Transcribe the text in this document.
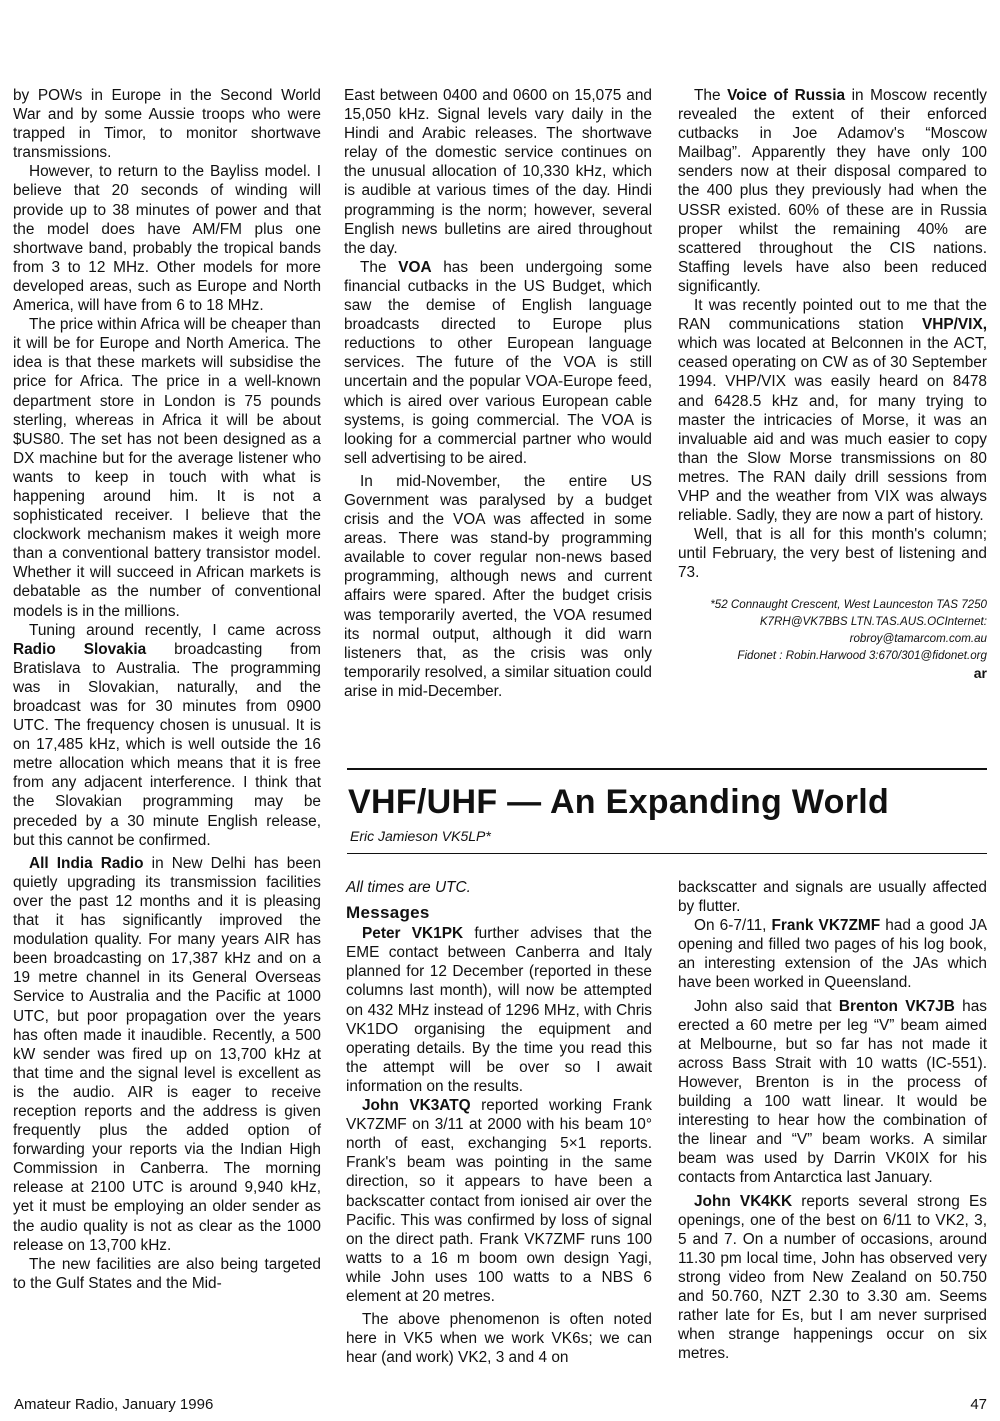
by POWs in Europe in the Second World War and by some Aussie troops who were trapped in Timor, to monitor shortwave transmissions.

However, to return to the Bayliss model. I believe that 20 seconds of winding will provide up to 38 minutes of power and that the model does have AM/FM plus one shortwave band, probably the tropical bands from 3 to 12 MHz. Other models for more developed areas, such as Europe and North America, will have from 6 to 18 MHz.

The price within Africa will be cheaper than it will be for Europe and North America. The idea is that these markets will subsidise the price for Africa. The price in a well-known department store in London is 75 pounds sterling, whereas in Africa it will be about $US80. The set has not been designed as a DX machine but for the average listener who wants to keep in touch with what is happening around him. It is not a sophisticated receiver. I believe that the clockwork mechanism makes it weigh more than a conventional battery transistor model. Whether it will succeed in African markets is debatable as the number of conventional models is in the millions.

Tuning around recently, I came across Radio Slovakia broadcasting from Bratislava to Australia. The programming was in Slovakian, naturally, and the broadcast was for 30 minutes from 0900 UTC. The frequency chosen is unusual. It is on 17,485 kHz, which is well outside the 16 metre allocation which means that it is free from any adjacent interference. I think that the Slovakian programming may be preceded by a 30 minute English release, but this cannot be confirmed.

All India Radio in New Delhi has been quietly upgrading its transmission facilities over the past 12 months and it is pleasing that it has significantly improved the modulation quality. For many years AIR has been broadcasting on 17,387 kHz and on a 19 metre channel in its General Overseas Service to Australia and the Pacific at 1000 UTC, but poor propagation over the years has often made it inaudible. Recently, a 500 kW sender was fired up on 13,700 kHz at that time and the signal level is excellent as is the audio. AIR is eager to receive reception reports and the address is given frequently plus the added option of forwarding your reports via the Indian High Commission in Canberra. The morning release at 2100 UTC is around 9,940 kHz, yet it must be employing an older sender as the audio quality is not as clear as the 1000 release on 13,700 kHz.

The new facilities are also being targeted to the Gulf States and the Mid-

East between 0400 and 0600 on 15,075 and 15,050 kHz. Signal levels vary daily in the Hindi and Arabic releases. The shortwave relay of the domestic service continues on the unusual allocation of 10,330 kHz, which is audible at various times of the day. Hindi programming is the norm; however, several English news bulletins are aired throughout the day.

The VOA has been undergoing some financial cutbacks in the US Budget, which saw the demise of English language broadcasts directed to Europe plus reductions to other European language services. The future of the VOA is still uncertain and the popular VOA-Europe feed, which is aired over various European cable systems, is going commercial. The VOA is looking for a commercial partner who would sell advertising to be aired.

In mid-November, the entire US Government was paralysed by a budget crisis and the VOA was affected in some areas. There was stand-by programming available to cover regular non-news based programming, although news and current affairs were spared. After the budget crisis was temporarily averted, the VOA resumed its normal output, although it did warn listeners that, as the crisis was only temporarily resolved, a similar situation could arise in mid-December.

The Voice of Russia in Moscow recently revealed the extent of their enforced cutbacks in Joe Adamov's “Moscow Mailbag”. Apparently they have only 100 senders now at their disposal compared to the 400 plus they previously had when the USSR existed. 60% of these are in Russia proper whilst the remaining 40% are scattered throughout the CIS nations. Staffing levels have also been reduced significantly.

It was recently pointed out to me that the RAN communications station VHP/VIX, which was located at Belconnen in the ACT, ceased operating on CW as of 30 September 1994. VHP/VIX was easily heard on 8478 and 6428.5 kHz and, for many trying to master the intricacies of Morse, it was an invaluable aid and was much easier to copy than the Slow Morse transmissions on 80 metres. The RAN daily drill sessions from VHP and the weather from VIX was always reliable. Sadly, they are now a part of history.

Well, that is all for this month's column; until February, the very best of listening and 73.

*52 Connaught Crescent, West Launceston TAS 7250
K7RH@VK7BBS LTN.TAS.AUS.OCInternet:
robroy@tamarcom.com.au
Fidonet : Robin.Harwood 3:670/301@fidonet.org
ar
VHF/UHF — An Expanding World
Eric Jamieson VK5LP*

All times are UTC.

Messages

Peter VK1PK further advises that the EME contact between Canberra and Italy planned for 12 December (reported in these columns last month), will now be attempted on 432 MHz instead of 1296 MHz, with Chris VK1DO organising the equipment and operating details. By the time you read this the attempt will be over so I await information on the results.

John VK3ATQ reported working Frank VK7ZMF on 3/11 at 2000 with his beam 10° north of east, exchanging 5×1 reports. Frank's beam was pointing in the same direction, so it appears to have been a backscatter contact from ionised air over the Pacific. This was confirmed by loss of signal on the direct path. Frank VK7ZMF runs 100 watts to a 16 m boom own design Yagi, while John uses 100 watts to a NBS 6 element at 20 metres.

The above phenomenon is often noted here in VK5 when we work VK6s; we can hear (and work) VK2, 3 and 4 on

backscatter and signals are usually affected by flutter.

On 6-7/11, Frank VK7ZMF had a good JA opening and filled two pages of his log book, an interesting extension of the JAs which have been worked in Queensland.

John also said that Brenton VK7JB has erected a 60 metre per leg “V” beam aimed at Melbourne, but so far has not made it across Bass Strait with 10 watts (IC-551). However, Brenton is in the process of building a 100 watt linear. It would be interesting to hear how the combination of the linear and “V” beam works. A similar beam was used by Darrin VK0IX for his contacts from Antarctica last January.

John VK4KK reports several strong Es openings, one of the best on 6/11 to VK2, 3, 5 and 7. On a number of occasions, around 11.30 pm local time, John has observed very strong video from New Zealand on 50.750 and 50.760, NZT 2.30 to 3.30 am. Seems rather late for Es, but I am never surprised when strange happenings occur on six metres.

Amateur Radio, January 1996	47
